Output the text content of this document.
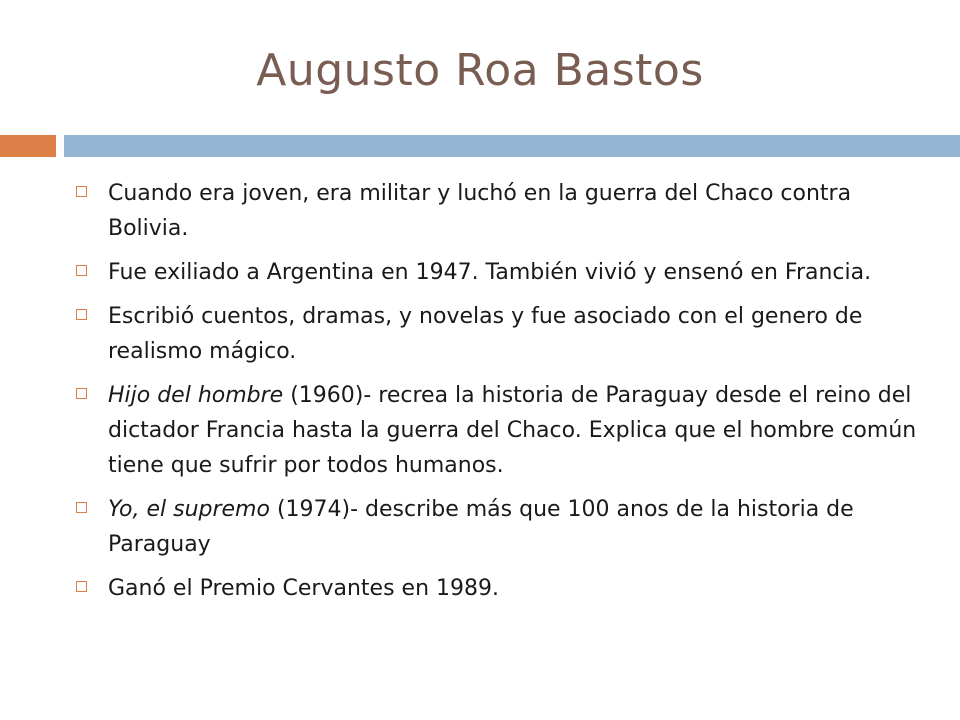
Augusto Roa Bastos
Cuando era joven, era militar y luchó en la guerra del Chaco contra Bolivia.
Fue exiliado a Argentina en 1947. También vivió y ensenó en Francia.
Escribió cuentos, dramas, y novelas y fue asociado con el genero de realismo mágico.
Hijo del hombre (1960)- recrea la historia de Paraguay desde el reino del dictador Francia hasta la guerra del Chaco. Explica que el hombre común tiene que sufrir por todos humanos.
Yo, el supremo (1974)- describe más que 100 anos de la historia de Paraguay
Ganó el Premio Cervantes en 1989.
